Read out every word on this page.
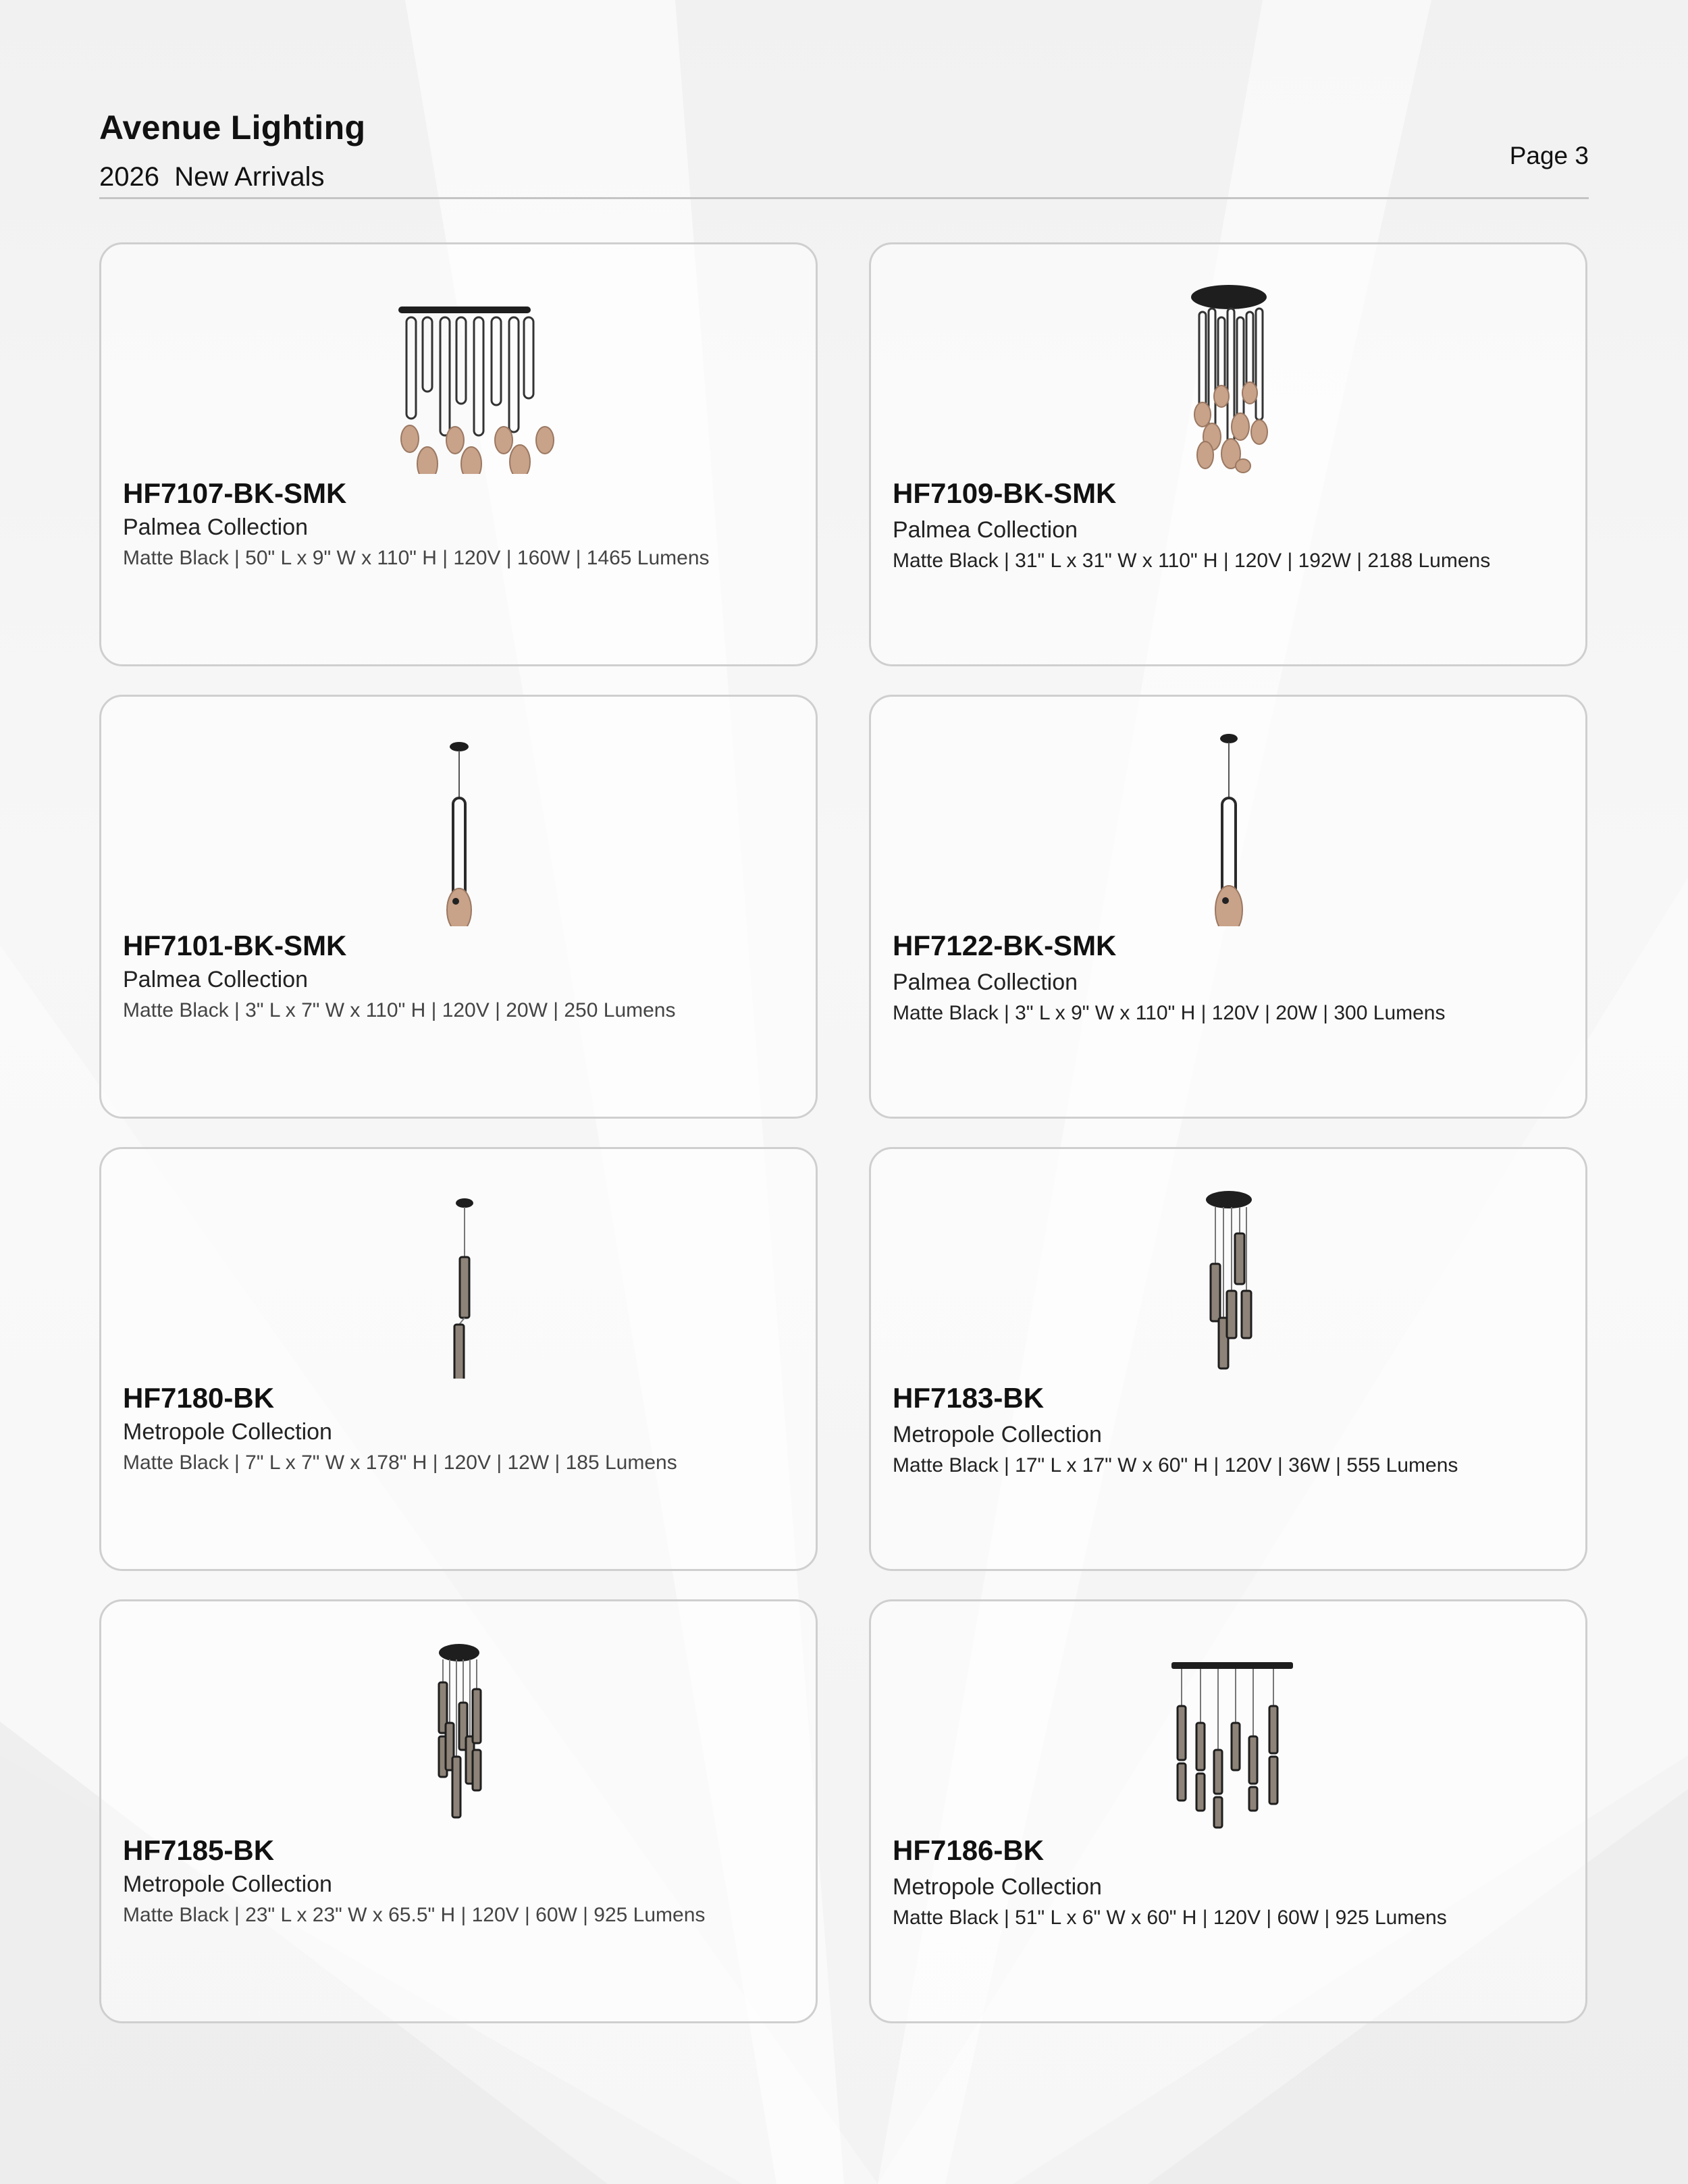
Avenue Lighting
2026  New Arrivals
Page 3
HF7107-BK-SMK
Palmea Collection
Matte Black | 50" L x 9" W x 110" H | 120V | 160W | 1465 Lumens
HF7109-BK-SMK
Palmea Collection
Matte Black | 31" L x 31" W x 110" H | 120V | 192W | 2188 Lumens
HF7101-BK-SMK
Palmea Collection
Matte Black | 3" L x 7" W x 110" H | 120V | 20W | 250 Lumens
HF7122-BK-SMK
Palmea Collection
Matte Black | 3" L x 9" W x 110" H | 120V | 20W | 300 Lumens
HF7180-BK
Metropole Collection
Matte Black | 7" L x 7" W x 178" H | 120V | 12W | 185 Lumens
HF7183-BK
Metropole Collection
Matte Black | 17" L x 17" W x 60" H | 120V | 36W | 555 Lumens
HF7185-BK
Metropole Collection
Matte Black | 23" L x 23" W x 65.5" H | 120V | 60W | 925 Lumens
HF7186-BK
Metropole Collection
Matte Black | 51" L x 6" W x 60" H | 120V | 60W | 925 Lumens
